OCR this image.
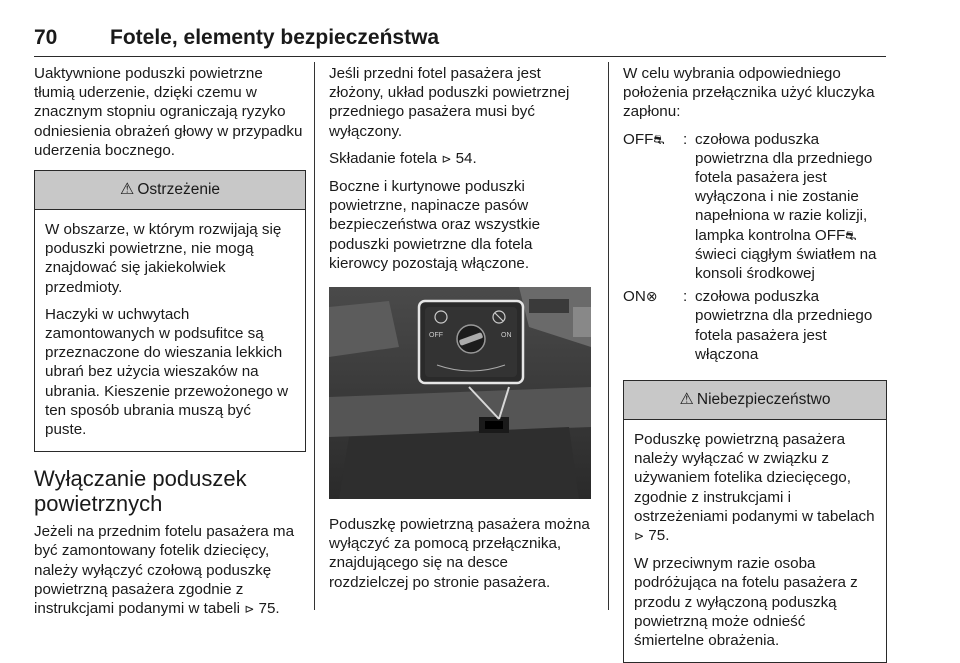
70	Fotele, elementy bezpieczeństwa

Uaktywnione poduszki powietrzne tłumią uderzenie, dzięki czemu w znacznym stopniu ograniczają ryzyko odniesienia obrażeń głowy w przypadku uderzenia bocznego.

⚠ Ostrzeżenie

W obszarze, w którym rozwijają się poduszki powietrzne, nie mogą znajdować się jakiekolwiek przedmioty.

Haczyki w uchwytach zamontowanych w podsufitce są przeznaczone do wieszania lekkich ubrań bez użycia wieszaków na ubrania. Kieszenie przewożonego w ten sposób ubrania muszą być puste.

Wyłączanie poduszek powietrznych

Jeżeli na przednim fotelu pasażera ma być zamontowany fotelik dziecięcy, należy wyłączyć czołową poduszkę powietrzną pasażera zgodnie z instrukcjami podanymi w tabeli ⊳ 75.

Jeśli przedni fotel pasażera jest złożony, układ poduszki powietrznej przedniego pasażera musi być wyłączony.

Składanie fotela ⊳ 54.

Boczne i kurtynowe poduszki powietrzne, napinacze pasów bezpieczeństwa oraz wszystkie poduszki powietrzne dla fotela kierowcy pozostają włączone.

OFF	ON

Poduszkę powietrzną pasażera można wyłączyć za pomocą przełącznika, znajdującego się na desce rozdzielczej po stronie pasażera.

W celu wybrania odpowiedniego położenia przełącznika użyć kluczyka zapłonu:

OFF⛐	: czołowa poduszka powietrzna dla przedniego fotela pasażera jest wyłączona i nie zostanie napełniona w razie kolizji, lampka kontrolna OFF⛐ świeci ciągłym światłem na konsoli środkowej
ON⊗	: czołowa poduszka powietrzna dla przedniego fotela pasażera jest włączona
⚠ Niebezpieczeństwo

Poduszkę powietrzną pasażera należy wyłączać w związku z używaniem fotelika dziecięcego, zgodnie z instrukcjami i ostrzeżeniami podanymi w tabelach ⊳ 75.

W przeciwnym razie osoba podróżująca na fotelu pasażera z przodu z wyłączoną poduszką powietrzną może odnieść śmiertelne obrażenia.
